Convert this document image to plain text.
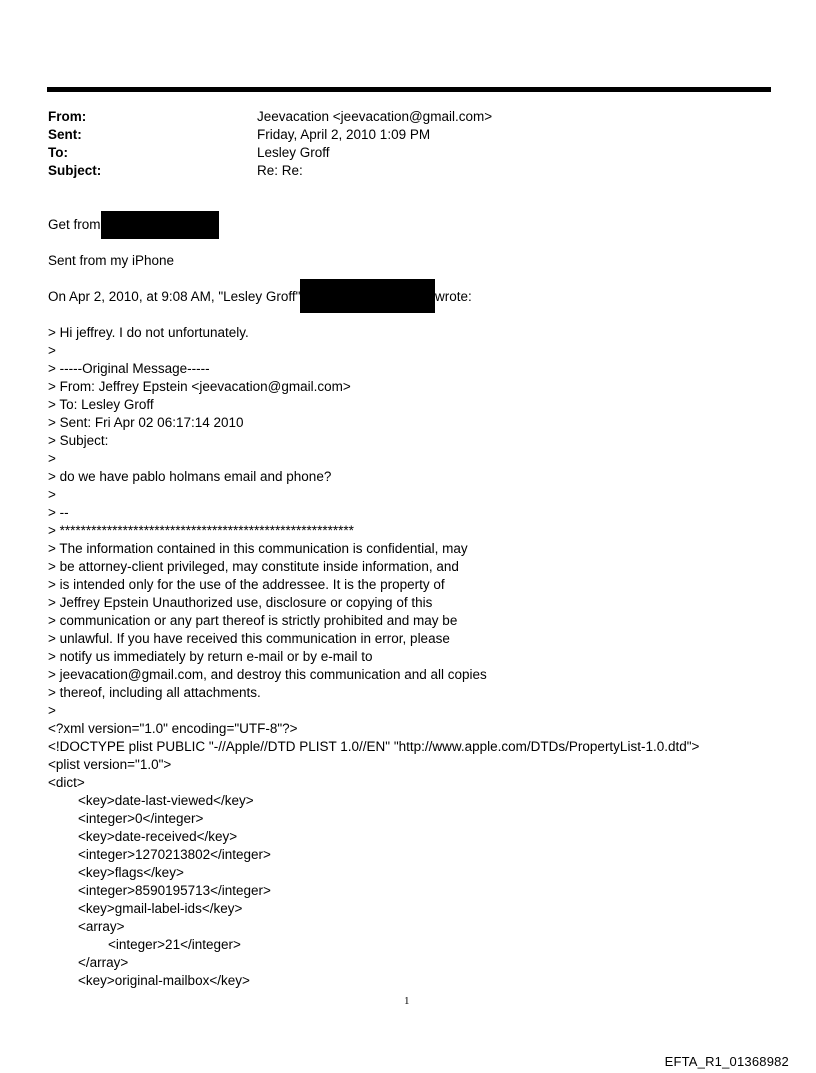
From:	Jeevacation <jeevacation@gmail.com>
Sent:	Friday, April 2, 2010 1:09 PM
To:	Lesley Groff
Subject:	Re: Re:
Get from
Sent from my iPhone
On Apr 2, 2010, at 9:08 AM, "Lesley Groff"	wrote:
> Hi jeffrey. I do not unfortunately.
>
> -----Original Message-----
> From: Jeffrey Epstein <jeevacation@gmail.com>
> To: Lesley Groff
> Sent: Fri Apr 02 06:17:14 2010
> Subject:
>
> do we have pablo holmans email and phone?
>
> --
> ********************************************************
> The information contained in this communication is confidential, may
> be attorney-client privileged, may constitute inside information, and
> is intended only for the use of the addressee. It is the property of
> Jeffrey Epstein Unauthorized use, disclosure or copying of this
> communication or any part thereof is strictly prohibited and may be
> unlawful. If you have received this communication in error, please
> notify us immediately by return e-mail or by e-mail to
> jeevacation@gmail.com, and destroy this communication and all copies
> thereof, including all attachments.
>
<?xml version="1.0" encoding="UTF-8"?>
<!DOCTYPE plist PUBLIC "-//Apple//DTD PLIST 1.0//EN" "http://www.apple.com/DTDs/PropertyList-1.0.dtd">
<plist version="1.0">
<dict>
<key>date-last-viewed</key>
<integer>0</integer>
<key>date-received</key>
<integer>1270213802</integer>
<key>flags</key>
<integer>8590195713</integer>
<key>gmail-label-ids</key>
<array>
<integer>21</integer>
</array>
<key>original-mailbox</key>
1
EFTA_R1_01368982
